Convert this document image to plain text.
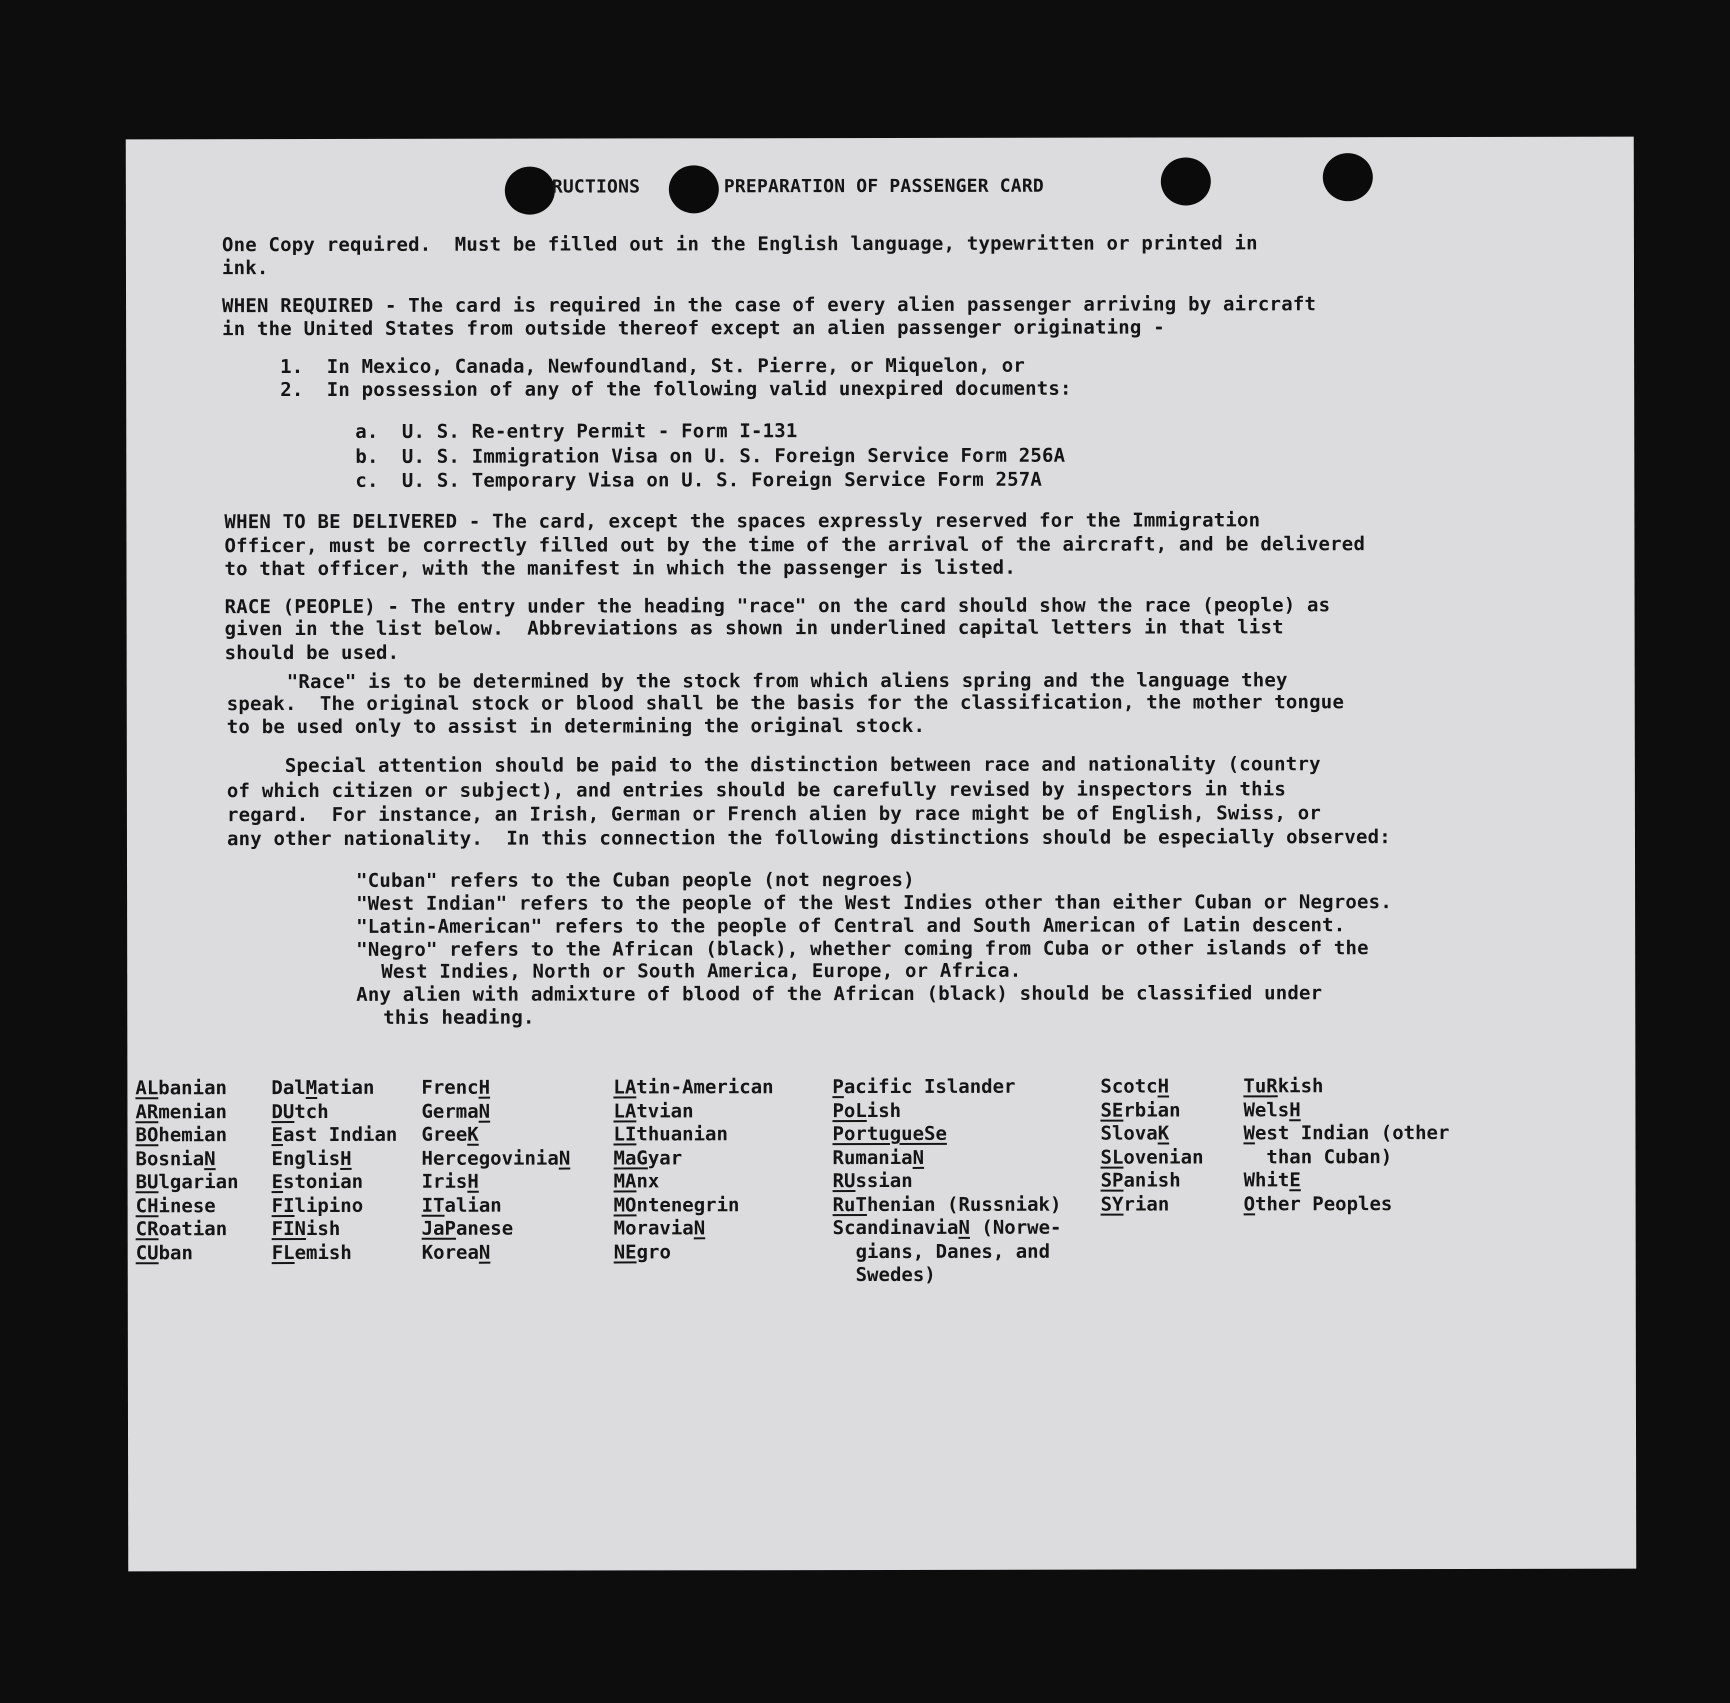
RUCTIONS	PREPARATION OF PASSENGER CARD
One Copy required.  Must be filled out in the English language, typewritten or printed in
ink.
WHEN REQUIRED - The card is required in the case of every alien passenger arriving by aircraft
in the United States from outside thereof except an alien passenger originating -
1.  In Mexico, Canada, Newfoundland, St. Pierre, or Miquelon, or
2.  In possession of any of the following valid unexpired documents:
a.  U. S. Re-entry Permit - Form I-131
b.  U. S. Immigration Visa on U. S. Foreign Service Form 256A
c.  U. S. Temporary Visa on U. S. Foreign Service Form 257A
WHEN TO BE DELIVERED - The card, except the spaces expressly reserved for the Immigration
Officer, must be correctly filled out by the time of the arrival of the aircraft, and be delivered
to that officer, with the manifest in which the passenger is listed.
RACE (PEOPLE) - The entry under the heading "race" on the card should show the race (people) as
given in the list below.  Abbreviations as shown in underlined capital letters in that list
should be used.
"Race" is to be determined by the stock from which aliens spring and the language they
speak.  The original stock or blood shall be the basis for the classification, the mother tongue
to be used only to assist in determining the original stock.
Special attention should be paid to the distinction between race and nationality (country
of which citizen or subject), and entries should be carefully revised by inspectors in this
regard.  For instance, an Irish, German or French alien by race might be of English, Swiss, or
any other nationality.  In this connection the following distinctions should be especially observed:
"Cuban" refers to the Cuban people (not negroes)
"West Indian" refers to the people of the West Indies other than either Cuban or Negroes.
"Latin-American" refers to the people of Central and South American of Latin descent.
"Negro" refers to the African (black), whether coming from Cuba or other islands of the
West Indies, North or South America, Europe, or Africa.
Any alien with admixture of blood of the African (black) should be classified under
this heading.
ALbanian
ARmenian
BOhemian
BosniaN
BUlgarian
CHinese
CRoatian
CUban
DalMatian
DUtch
East Indian
EnglisH
Estonian
FIlipino
FINish
FLemish
FrencH
GermaN
GreeK
HercegoviniaN
IrisH
ITalian
JaPanese
KoreaN
LAtin-American
LAtvian
LIthuanian
MaGyar
MAnx
MOntenegrin
MoraviaN
NEgro
Pacific Islander
PoLish
PortugueSe
RumaniaN
RUssian
RuThenian (Russniak)
ScandinaviaN (Norwe-
gians, Danes, and
Swedes)
ScotcH
SErbian
SlovaK
SLovenian
SPanish
SYrian
TuRkish
WelsH
West Indian (other
than Cuban)
WhitE
Other Peoples
